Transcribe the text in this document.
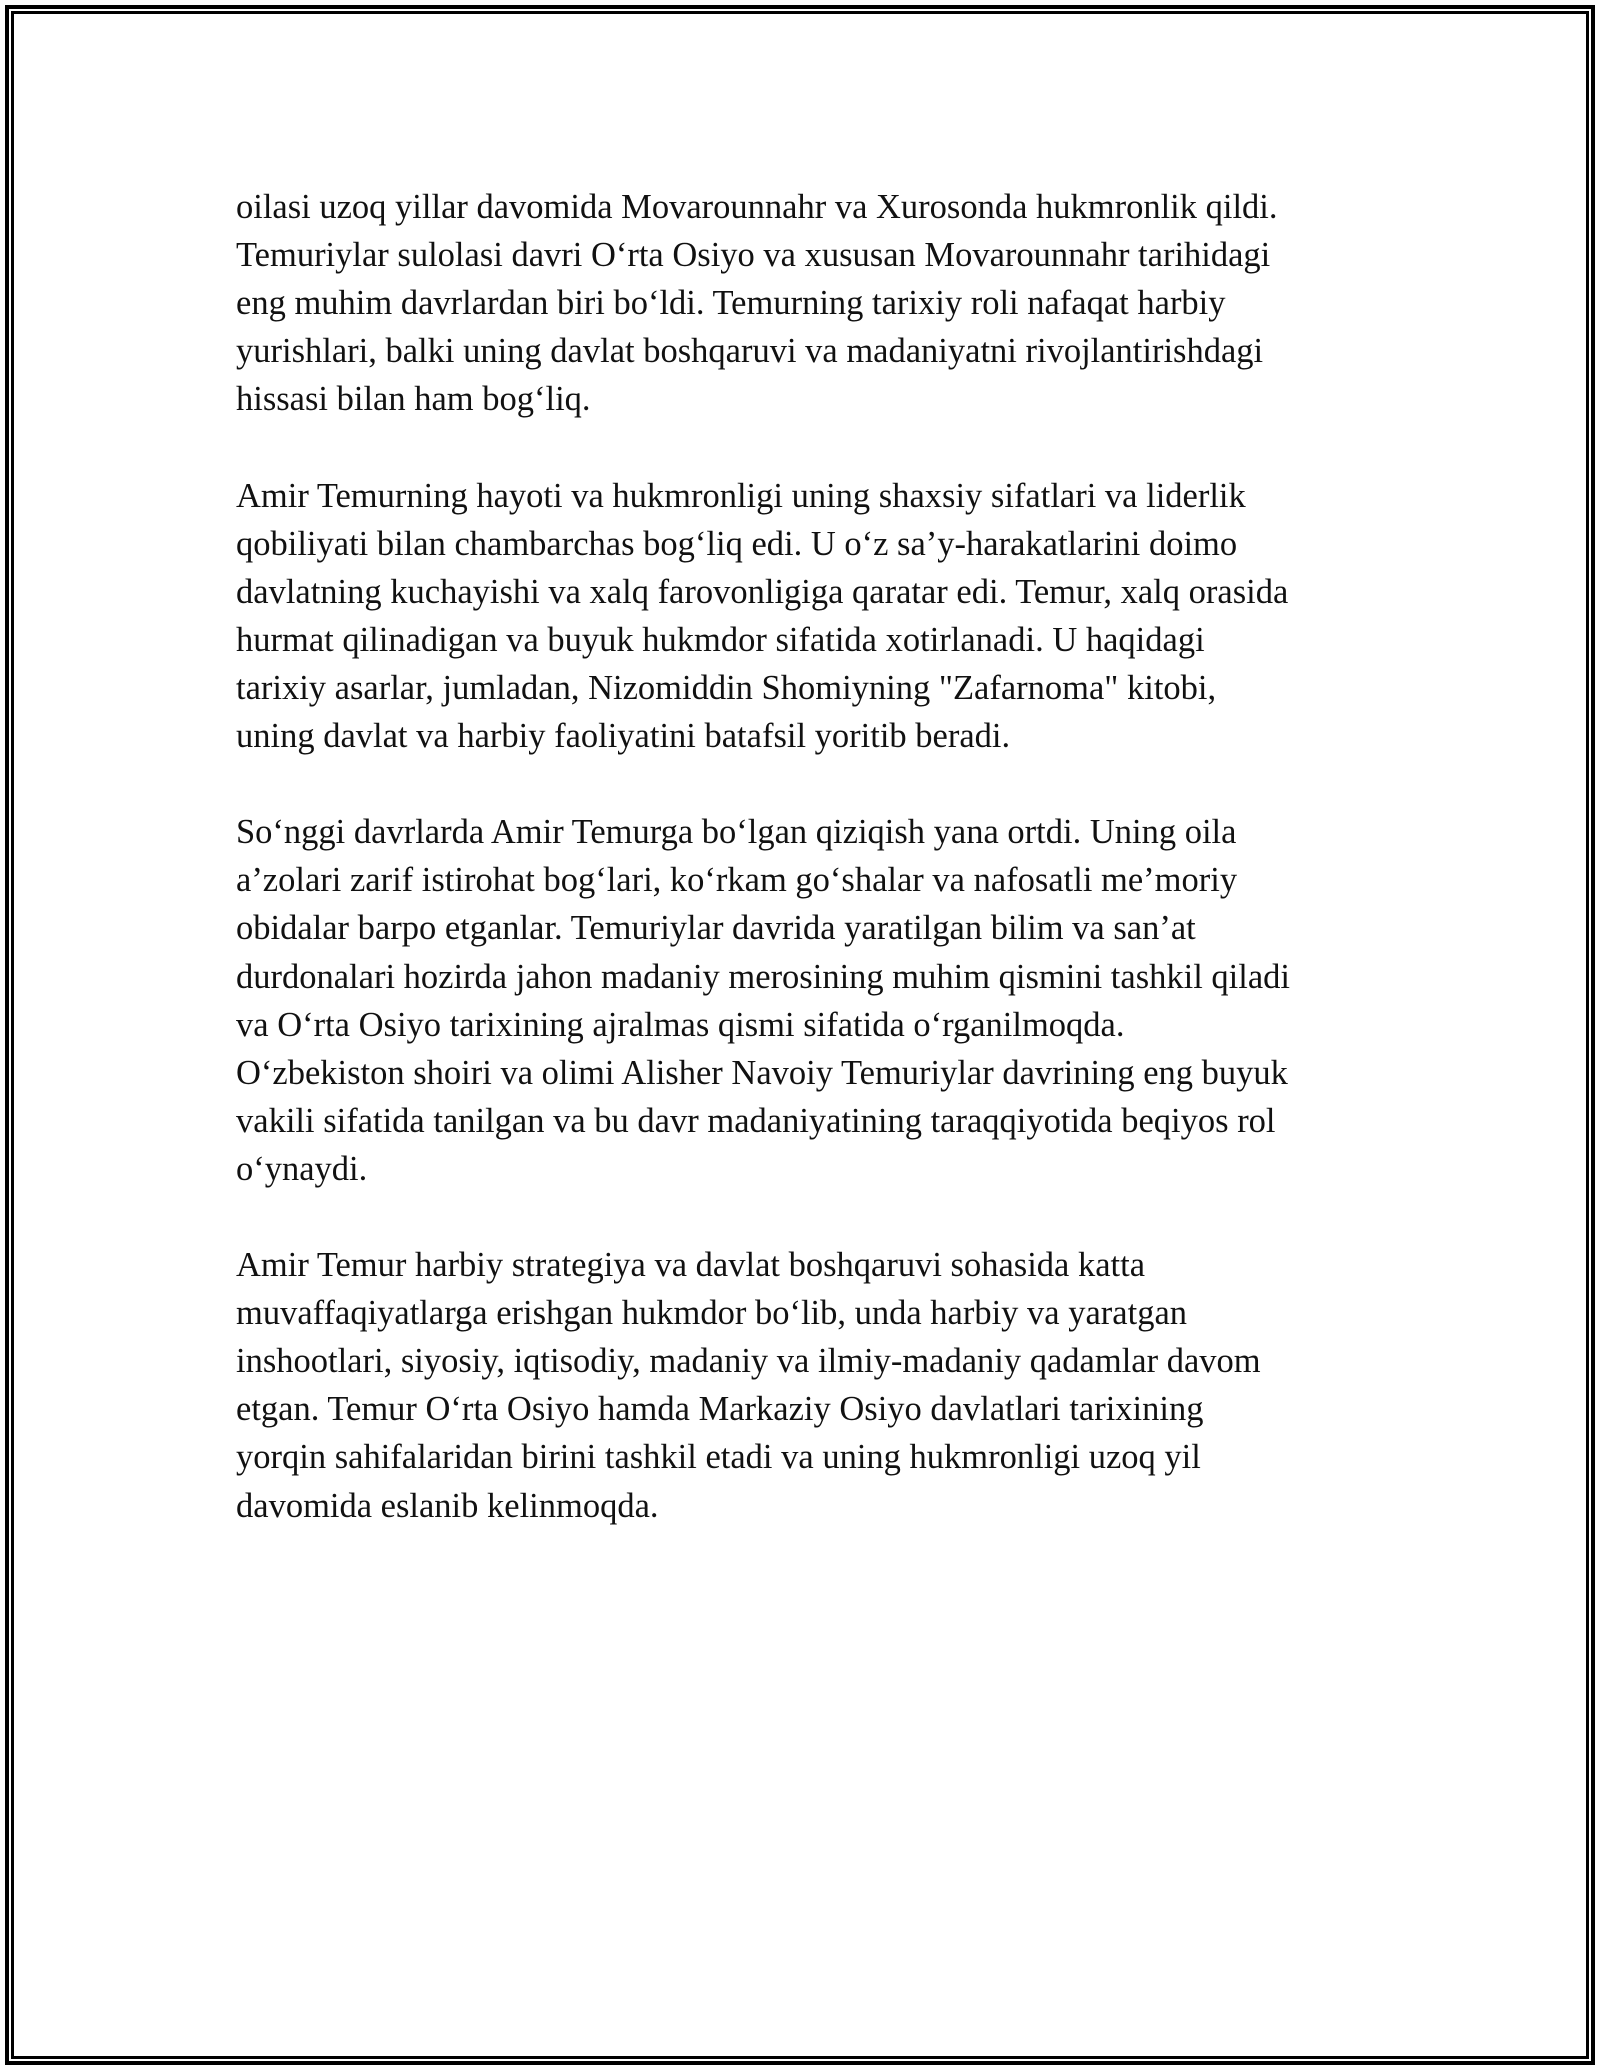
oilasi uzoq yillar davomida Movarounnahr va Xurosonda hukmronlik qildi.
Temuriylar sulolasi davri O‘rta Osiyo va xususan Movarounnahr tarihidagi
eng muhim davrlardan biri bo‘ldi. Temurning tarixiy roli nafaqat harbiy
yurishlari, balki uning davlat boshqaruvi va madaniyatni rivojlantirishdagi
hissasi bilan ham bog‘liq.

Amir Temurning hayoti va hukmronligi uning shaxsiy sifatlari va liderlik
qobiliyati bilan chambarchas bog‘liq edi. U o‘z sa’y-harakatlarini doimo
davlatning kuchayishi va xalq farovonligiga qaratar edi. Temur, xalq orasida
hurmat qilinadigan va buyuk hukmdor sifatida xotirlanadi. U haqidagi
tarixiy asarlar, jumladan, Nizomiddin Shomiyning "Zafarnoma" kitobi,
uning davlat va harbiy faoliyatini batafsil yoritib beradi.

So‘nggi davrlarda Amir Temurga bo‘lgan qiziqish yana ortdi. Uning oila
a’zolari zarif istirohat bog‘lari, ko‘rkam go‘shalar va nafosatli me’moriy
obidalar barpo etganlar. Temuriylar davrida yaratilgan bilim va san’at
durdonalari hozirda jahon madaniy merosining muhim qismini tashkil qiladi
va O‘rta Osiyo tarixining ajralmas qismi sifatida o‘rganilmoqda.
O‘zbekiston shoiri va olimi Alisher Navoiy Temuriylar davrining eng buyuk
vakili sifatida tanilgan va bu davr madaniyatining taraqqiyotida beqiyos rol
o‘ynaydi.

Amir Temur harbiy strategiya va davlat boshqaruvi sohasida katta
muvaffaqiyatlarga erishgan hukmdor bo‘lib, unda harbiy va yaratgan
inshootlari, siyosiy, iqtisodiy, madaniy va ilmiy-madaniy qadamlar davom
etgan. Temur O‘rta Osiyo hamda Markaziy Osiyo davlatlari tarixining
yorqin sahifalaridan birini tashkil etadi va uning hukmronligi uzoq yil
davomida eslanib kelinmoqda.
